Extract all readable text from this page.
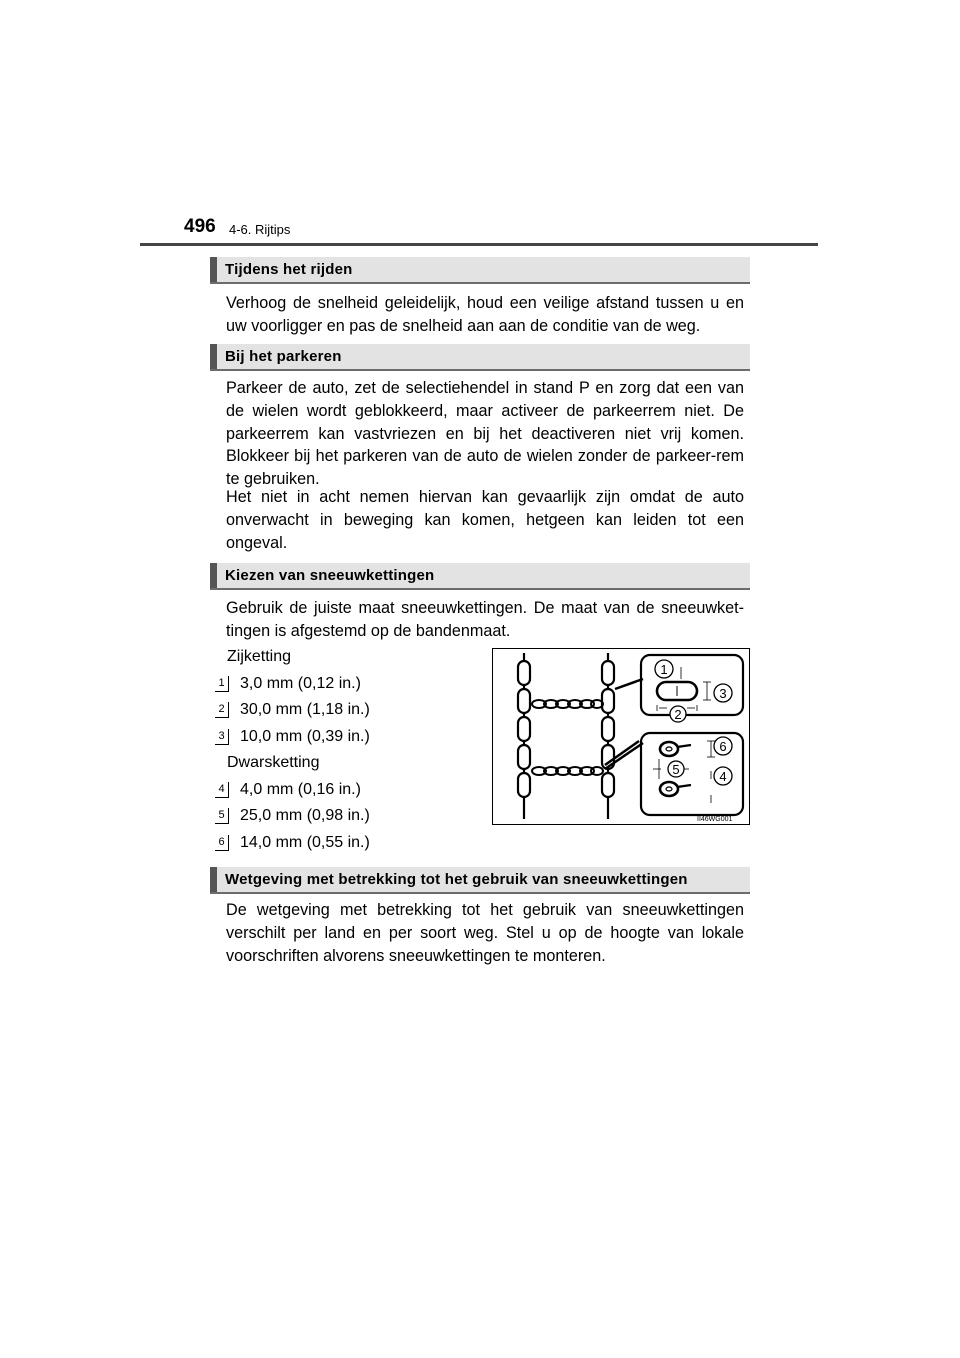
496 4-6. Rijtips
Tijdens het rijden
Verhoog de snelheid geleidelijk, houd een veilige afstand tussen u en uw voorligger en pas de snelheid aan aan de conditie van de weg.
Bij het parkeren
Parkeer de auto, zet de selectiehendel in stand P en zorg dat een van de wielen wordt geblokkeerd, maar activeer de parkeerrem niet. De parkeerrem kan vastvriezen en bij het deactiveren niet vrij komen. Blokkeer bij het parkeren van de auto de wielen zonder de parkeer-rem te gebruiken.
Het niet in acht nemen hiervan kan gevaarlijk zijn omdat de auto onverwacht in beweging kan komen, hetgeen kan leiden tot een ongeval.
Kiezen van sneeuwkettingen
Gebruik de juiste maat sneeuwkettingen. De maat van de sneeuwket-tingen is afgestemd op de bandenmaat.
Zijketting
1 3,0 mm (0,12 in.)
2 30,0 mm (1,18 in.)
3 10,0 mm (0,39 in.)
Dwarsketting
4 4,0 mm (0,16 in.)
5 25,0 mm (0,98 in.)
6 14,0 mm (0,55 in.)
1
2
3
4
5
6
II46WG001
Wetgeving met betrekking tot het gebruik van sneeuwkettingen
De wetgeving met betrekking tot het gebruik van sneeuwkettingen verschilt per land en per soort weg. Stel u op de hoogte van lokale voorschriften alvorens sneeuwkettingen te monteren.
